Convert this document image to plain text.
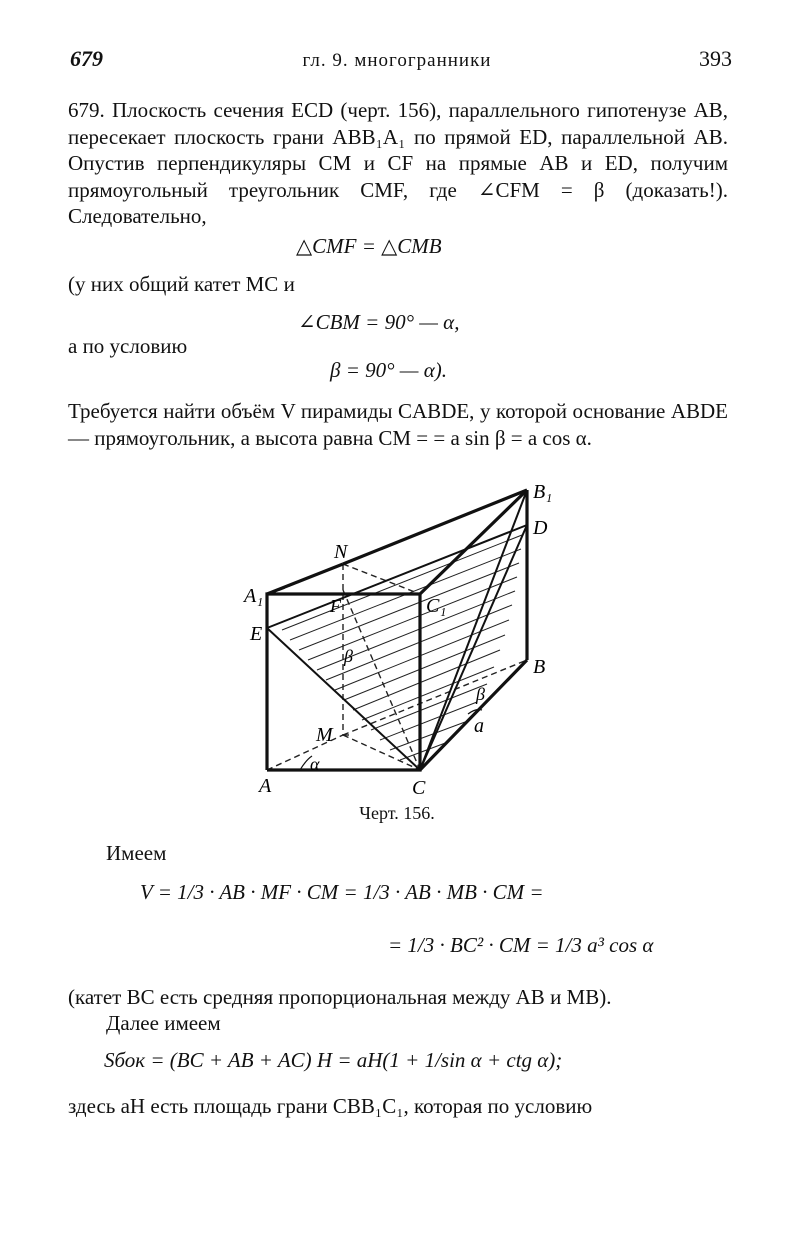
679	гл. 9. многогранники	393
679. Плоскость сечения ECD (черт. 156), параллельного гипотенузе AB, пересекает плоскость грани ABB₁A₁ по прямой ED, параллельной AB. Опустив перпендикуляры CM и CF на прямые AB и ED, получим прямоугольный треугольник CMF, где ∠CFM = β (доказать!). Следовательно,
△CMF = △CMB
(у них общий катет MC и
∠CBM = 90° — α,
а по условию
β = 90° — α).
Требуется найти объём V пирамиды CABDE, у которой основание ABDE — прямоугольник, а высота равна CM = = a sin β = a cos α.
A
A₁
B
B₁
C
C₁
D
E
F
M
N
α
β
β
a
Черт. 156.
Имеем
V = 1/3 · AB · MF · CM = 1/3 · AB · MB · CM =
= 1/3 · BC² · CM = 1/3 a³ cos α
(катет BC есть средняя пропорциональная между AB и MB).
Далее имеем
Sбок = (BC + AB + AC) H = aH(1 + 1/sin α + ctg α);
здесь aH есть площадь грани CBB₁C₁, которая по условию
